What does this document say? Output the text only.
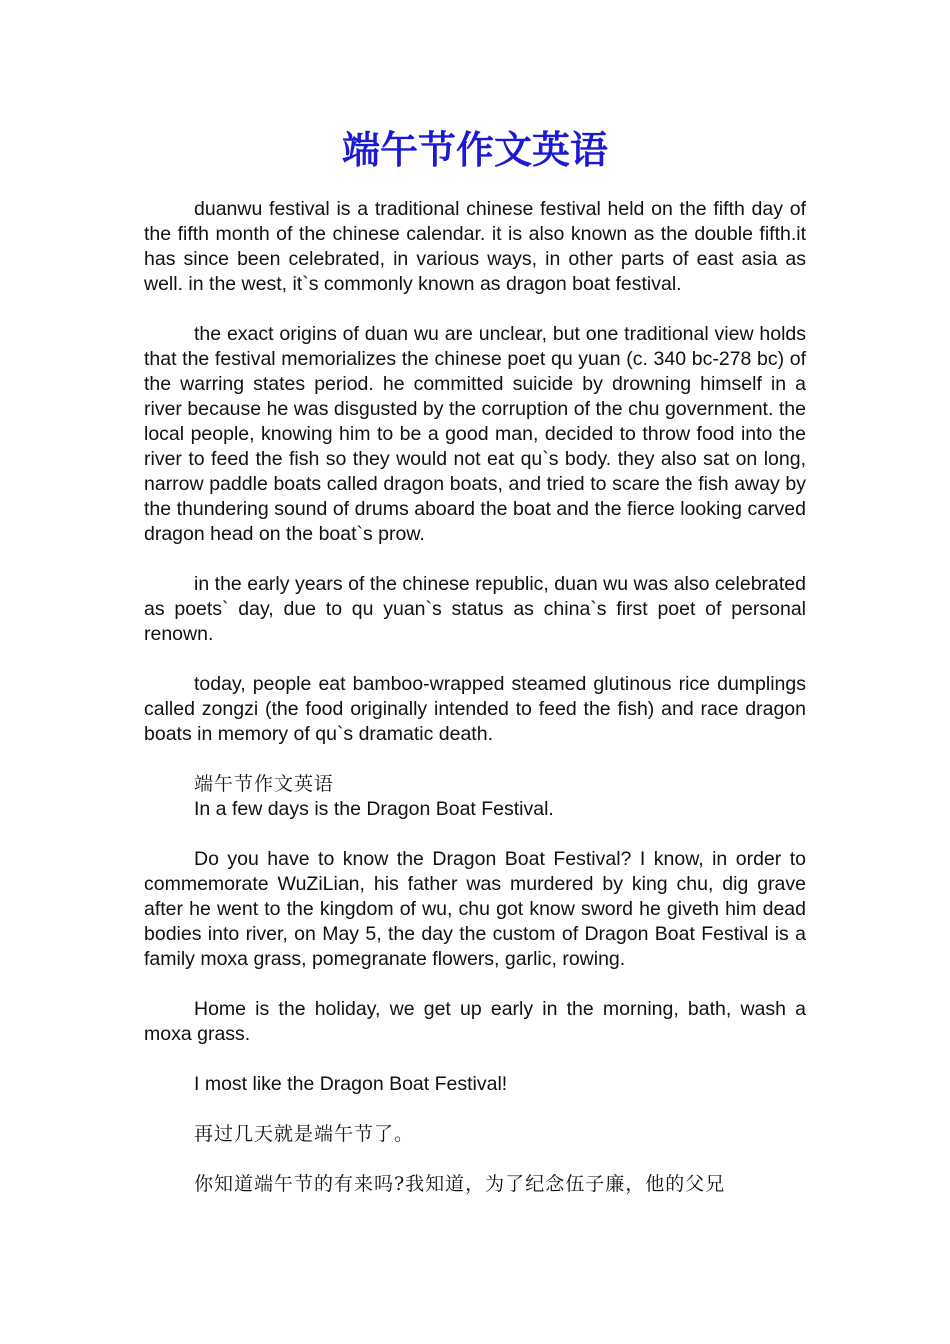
端午节作文英语

duanwu festival is a traditional chinese festival held on the fifth day of the fifth month of the chinese calendar. it is also known as the double fifth.it has since been celebrated, in various ways, in other parts of east asia as well. in the west, it`s commonly known as dragon boat festival.

the exact origins of duan wu are unclear, but one traditional view holds that the festival memorializes the chinese poet qu yuan (c. 340 bc-278 bc) of the warring states period. he committed suicide by drowning himself in a river because he was disgusted by the corruption of the chu government. the local people, knowing him to be a good man, decided to throw food into the river to feed the fish so they would not eat qu`s body. they also sat on long, narrow paddle boats called dragon boats, and tried to scare the fish away by the thundering sound of drums aboard the boat and the fierce looking carved dragon head on the boat`s prow.

in the early years of the chinese republic, duan wu was also celebrated as poets` day, due to qu yuan`s status as china`s first poet of personal renown.

today, people eat bamboo-wrapped steamed glutinous rice dumplings called zongzi (the food originally intended to feed the fish) and race dragon boats in memory of qu`s dramatic death.

端午节作文英语

In a few days is the Dragon Boat Festival.

Do you have to know the Dragon Boat Festival? I know, in order to commemorate WuZiLian, his father was murdered by king chu, dig grave after he went to the kingdom of wu, chu got know sword he giveth him dead bodies into river, on May 5, the day the custom of Dragon Boat Festival is a family moxa grass, pomegranate flowers, garlic, rowing.

Home is the holiday, we get up early in the morning, bath, wash a moxa grass.

I most like the Dragon Boat Festival!

再过几天就是端午节了。

你知道端午节的有来吗?我知道，为了纪念伍子廉，他的父兄
